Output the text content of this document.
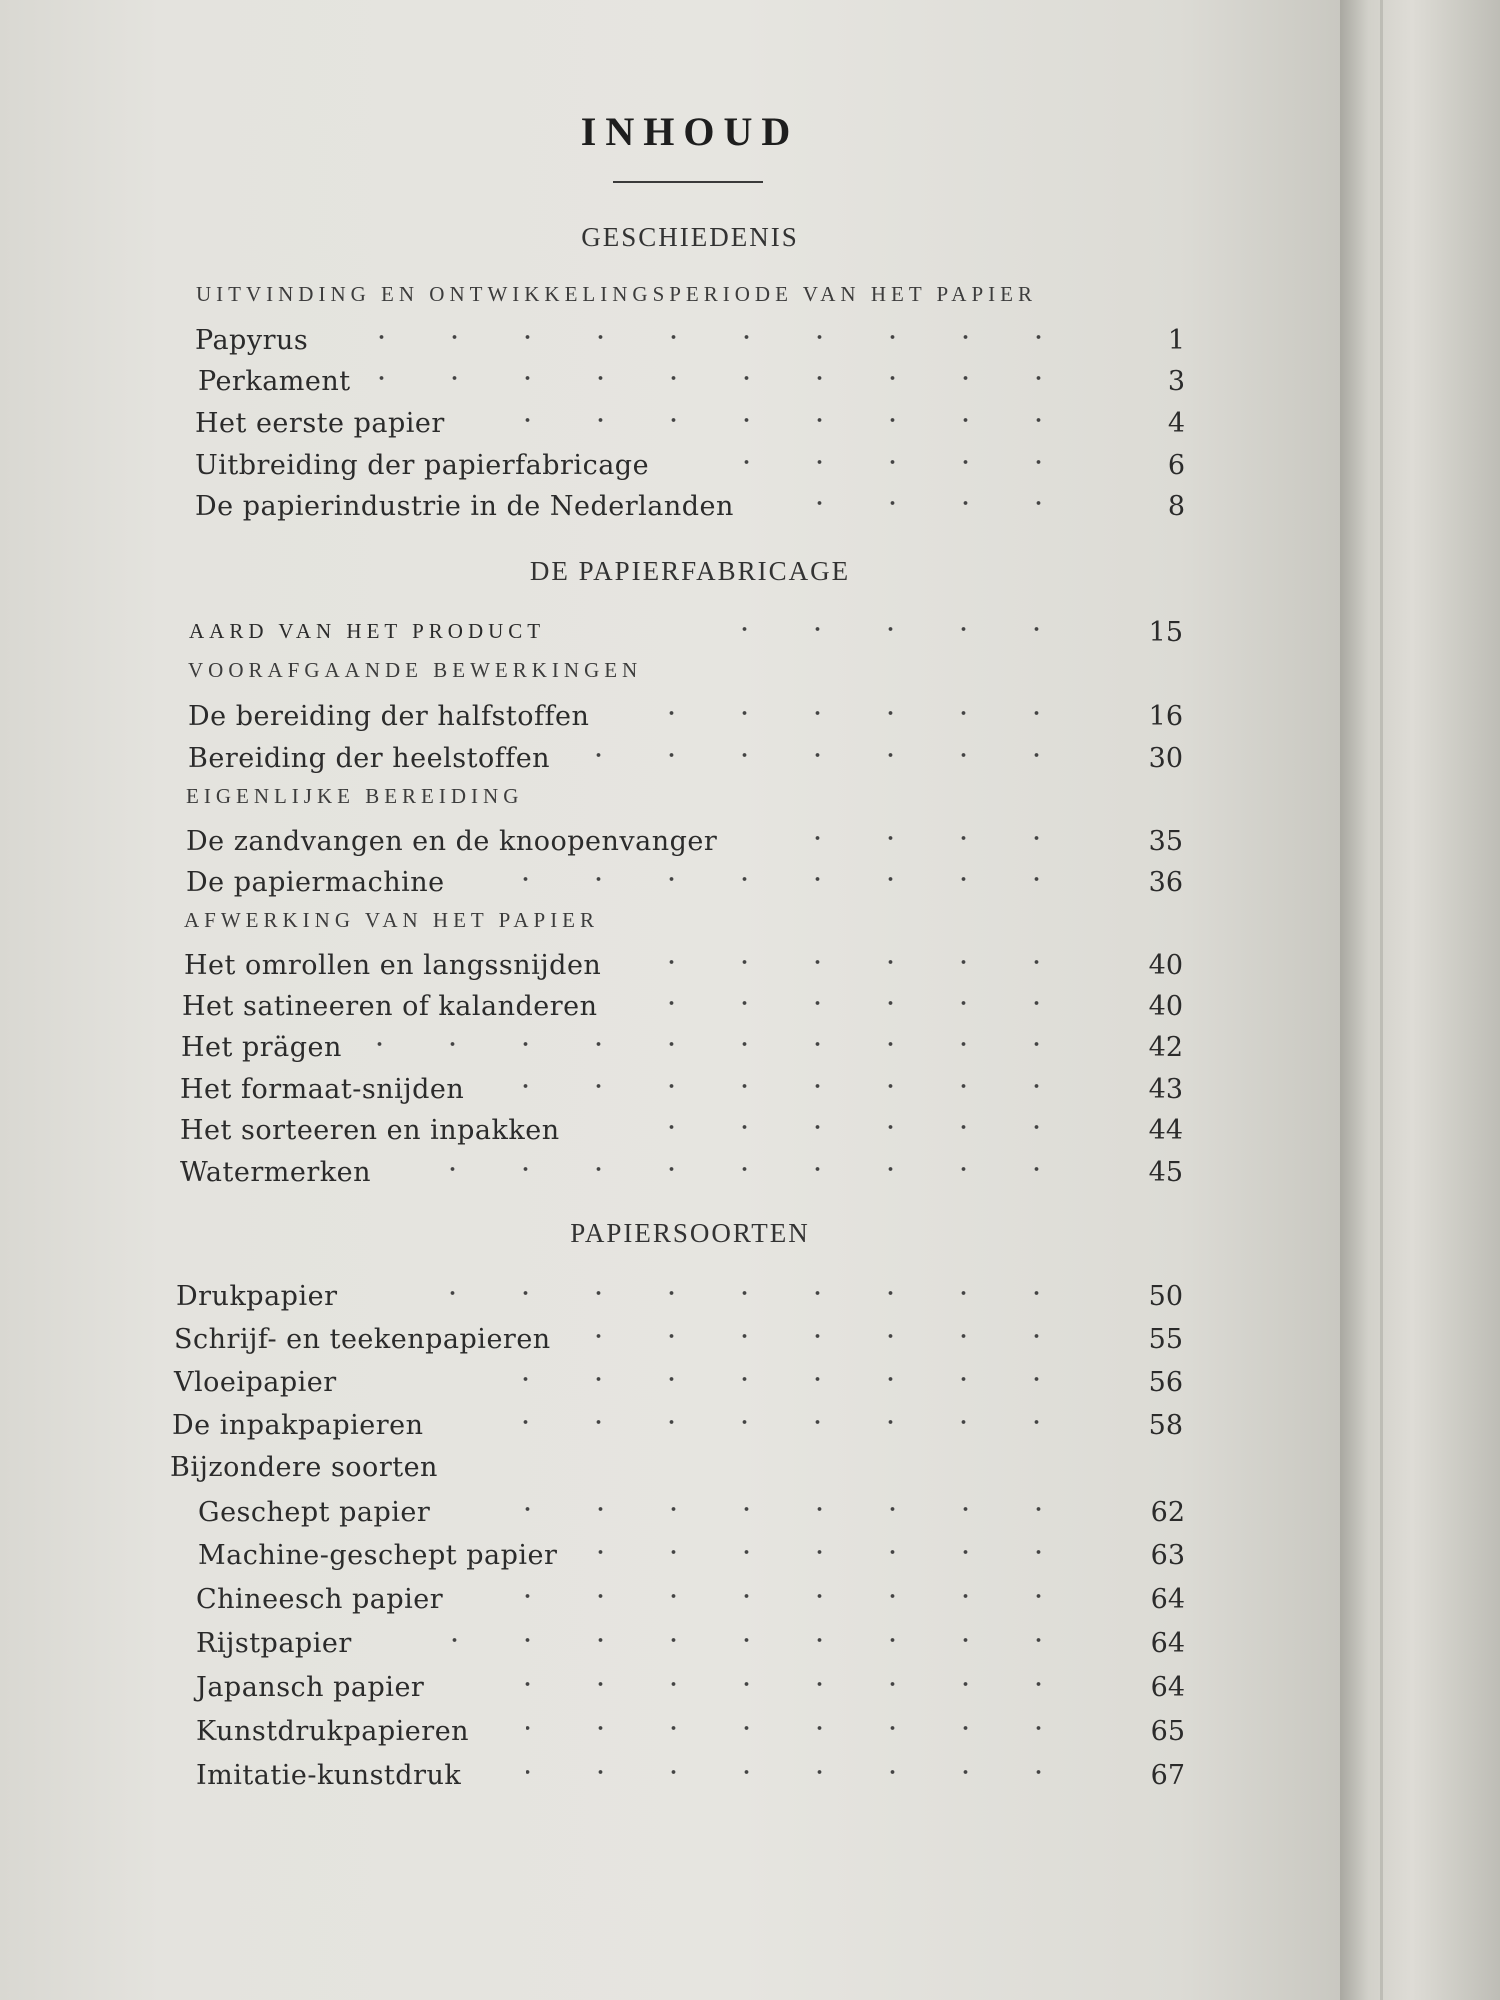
INHOUD
GESCHIEDENIS
UITVINDING EN ONTWIKKELINGSPERIODE VAN HET PAPIER
Papyrus	1
Perkament	3
Het eerste papier	4
Uitbreiding der papierfabricage	6
De papierindustrie in de Nederlanden	8
DE PAPIERFABRICAGE
AARD VAN HET PRODUCT	15
VOORAFGAANDE BEWERKINGEN
De bereiding der halfstoffen	16
Bereiding der heelstoffen	30
EIGENLIJKE BEREIDING
De zandvangen en de knoopenvanger	35
De papiermachine	36
AFWERKING VAN HET PAPIER
Het omrollen en langssnijden	40
Het satineeren of kalanderen	40
Het prägen	42
Het formaat-snijden	43
Het sorteeren en inpakken	44
Watermerken	45
PAPIERSOORTEN
Drukpapier	50
Schrijf- en teekenpapieren	55
Vloeipapier	56
De inpakpapieren	58
Bijzondere soorten
Geschept papier	62
Machine-geschept papier	63
Chineesch papier	64
Rijstpapier	64
Japansch papier	64
Kunstdrukpapieren	65
Imitatie-kunstdruk	67
